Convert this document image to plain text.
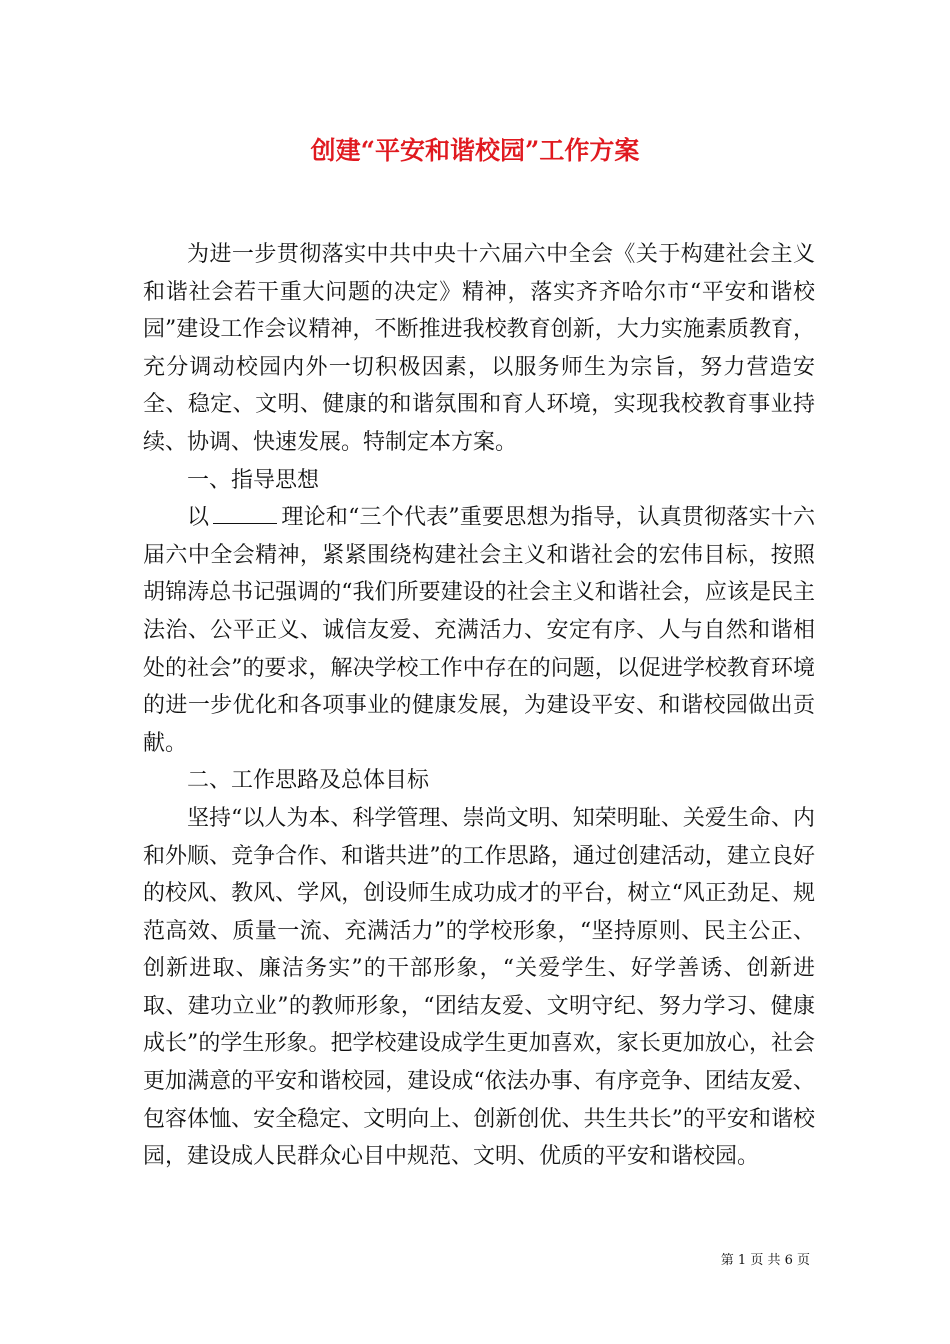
创建“平安和谐校园”工作方案

为进一步贯彻落实中共中央十六届六中全会《关于构建社会主义和谐社会若干重大问题的决定》精神，落实齐齐哈尔市“平安和谐校园”建设工作会议精神，不断推进我校教育创新，大力实施素质教育，充分调动校园内外一切积极因素，以服务师生为宗旨，努力营造安全、稳定、文明、健康的和谐氛围和育人环境，实现我校教育事业持续、协调、快速发展。特制定本方案。

一、指导思想

以	理论和“三个代表”重要思想为指导，认真贯彻落实十六届六中全会精神，紧紧围绕构建社会主义和谐社会的宏伟目标，按照胡锦涛总书记强调的“我们所要建设的社会主义和谐社会，应该是民主法治、公平正义、诚信友爱、充满活力、安定有序、人与自然和谐相处的社会”的要求，解决学校工作中存在的问题，以促进学校教育环境的进一步优化和各项事业的健康发展，为建设平安、和谐校园做出贡献。

二、工作思路及总体目标

坚持“以人为本、科学管理、崇尚文明、知荣明耻、关爱生命、内和外顺、竞争合作、和谐共进”的工作思路，通过创建活动，建立良好的校风、教风、学风，创设师生成功成才的平台，树立“风正劲足、规范高效、质量一流、充满活力”的学校形象，“坚持原则、民主公正、创新进取、廉洁务实”的干部形象，“关爱学生、好学善诱、创新进取、建功立业”的教师形象，“团结友爱、文明守纪、努力学习、健康成长”的学生形象。把学校建设成学生更加喜欢，家长更加放心，社会更加满意的平安和谐校园，建设成“依法办事、有序竞争、团结友爱、包容体恤、安全稳定、文明向上、创新创优、共生共长”的平安和谐校园，建设成人民群众心目中规范、文明、优质的平安和谐校园。

第 1 页 共 6 页
